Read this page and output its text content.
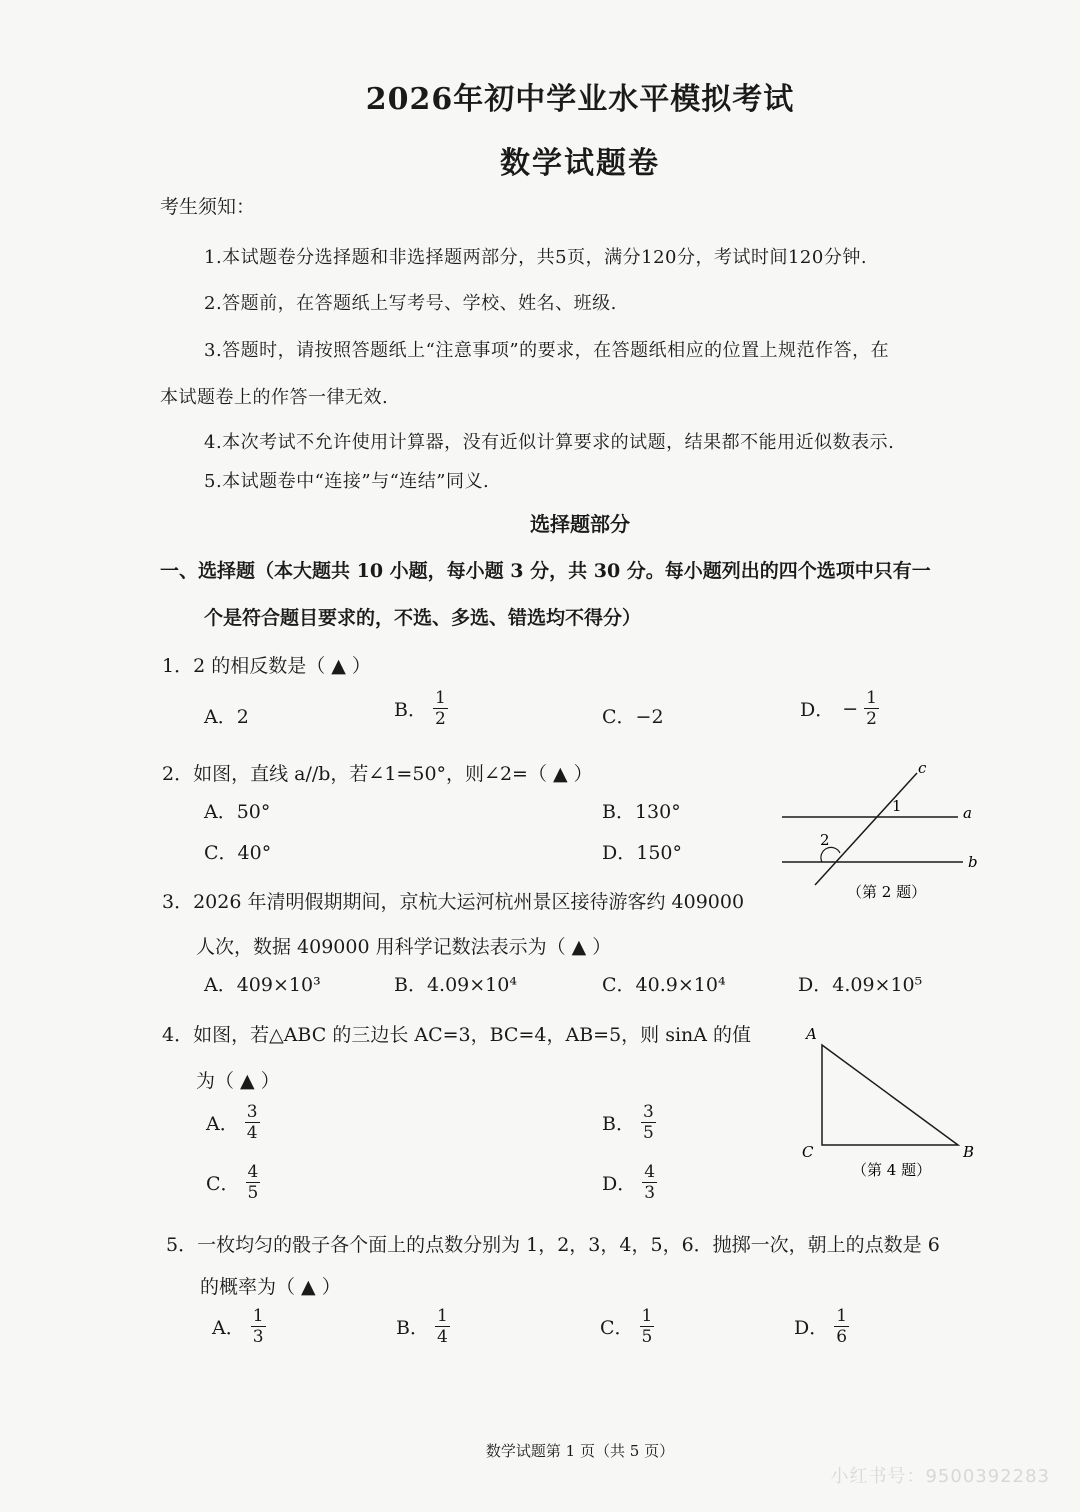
2026年初中学业水平模拟考试
数学试题卷
考生须知：
1.本试题卷分选择题和非选择题两部分，共5页，满分120分，考试时间120分钟.
2.答题前，在答题纸上写考号、学校、姓名、班级.
3.答题时，请按照答题纸上“注意事项”的要求，在答题纸相应的位置上规范作答，在
本试题卷上的作答一律无效.
4.本次考试不允许使用计算器，没有近似计算要求的试题，结果都不能用近似数表示.
5.本试题卷中“连接”与“连结”同义.
选择题部分
一、选择题（本大题共 10 小题，每小题 3 分，共 30 分。每小题列出的四个选项中只有一
个是符合题目要求的，不选、多选、错选均不得分）
1．2 的相反数是（ ▲ ）
A．2	B． $\frac{1}{2}$	C．−2	D． − $\frac{1}{2}$
2．如图，直线 a//b，若∠1=50°，则∠2=（ ▲ ）
A．50°	B．130°
C．40°	D．150°
c
a
b
1
2
（第 2 题）
3．2026 年清明假期期间，京杭大运河杭州景区接待游客约 409000
人次，数据 409000 用科学记数法表示为（ ▲ ）
A．409×10³	B．4.09×10⁴	C．40.9×10⁴	D．4.09×10⁵
4．如图，若△ABC 的三边长 AC=3，BC=4，AB=5，则 sinA 的值
为（ ▲ ）
A． $\frac{3}{4}$	B． $\frac{3}{5}$
C． $\frac{4}{5}$	D． $\frac{4}{3}$
A
C	B
（第 4 题）
5．一枚均匀的骰子各个面上的点数分别为 1，2，3，4，5，6．抛掷一次，朝上的点数是 6
的概率为（ ▲ ）
A． $\frac{1}{3}$	B． $\frac{1}{4}$	C． $\frac{1}{5}$	D． $\frac{1}{6}$
数学试题第 1 页（共 5 页）
小红书号：9500392283
